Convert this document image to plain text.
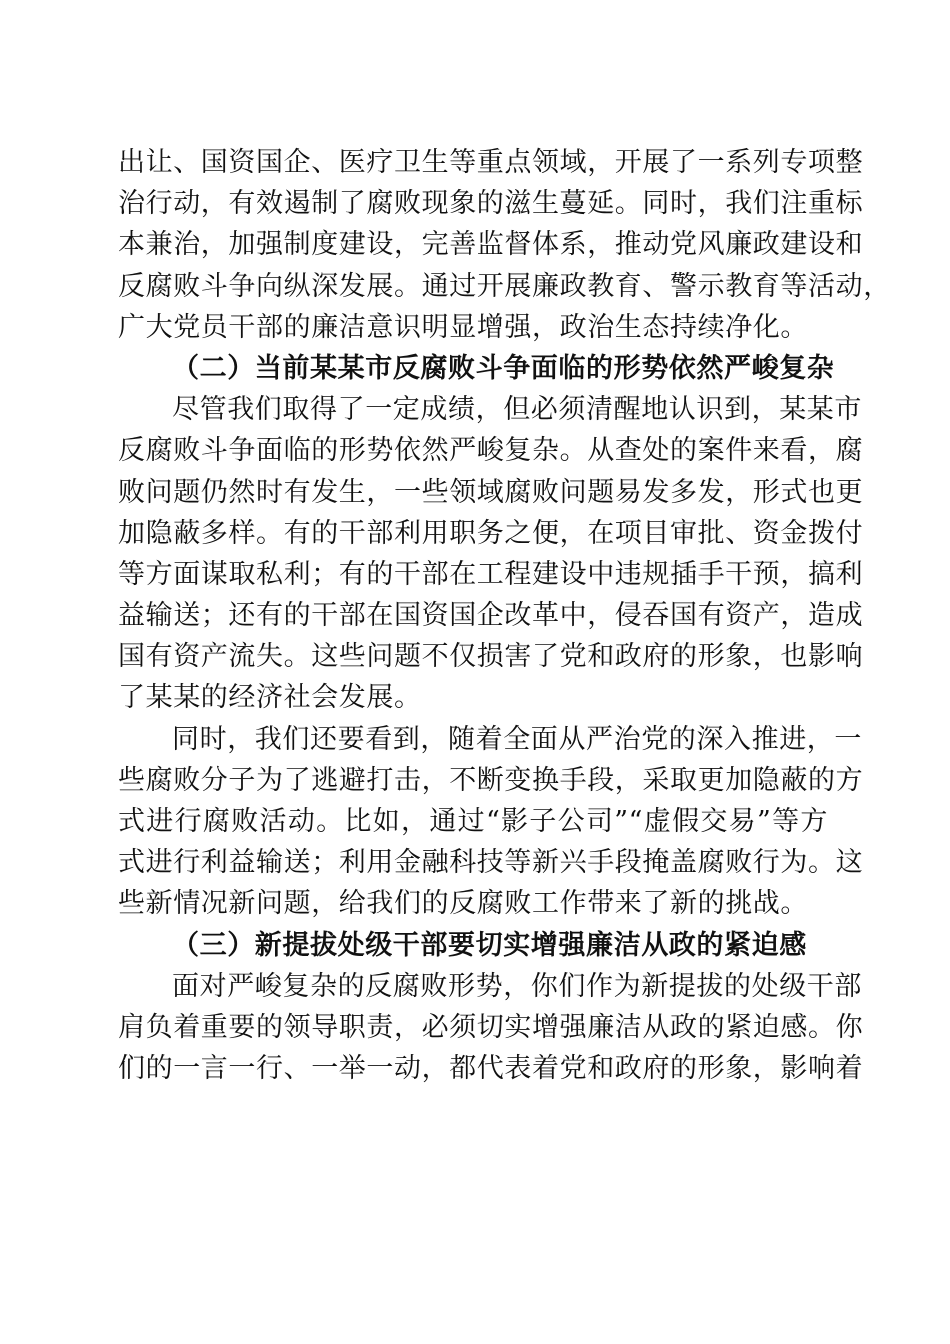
出让、国资国企、医疗卫生等重点领域，开展了一系列专项整
治行动，有效遏制了腐败现象的滋生蔓延。同时，我们注重标
本兼治，加强制度建设，完善监督体系，推动党风廉政建设和
反腐败斗争向纵深发展。通过开展廉政教育、警示教育等活动，
广大党员干部的廉洁意识明显增强，政治生态持续净化。
（二）当前某某市反腐败斗争面临的形势依然严峻复杂
尽管我们取得了一定成绩，但必须清醒地认识到，某某市
反腐败斗争面临的形势依然严峻复杂。从查处的案件来看，腐
败问题仍然时有发生，一些领域腐败问题易发多发，形式也更
加隐蔽多样。有的干部利用职务之便，在项目审批、资金拨付
等方面谋取私利；有的干部在工程建设中违规插手干预，搞利
益输送；还有的干部在国资国企改革中，侵吞国有资产，造成
国有资产流失。这些问题不仅损害了党和政府的形象，也影响
了某某的经济社会发展。
同时，我们还要看到，随着全面从严治党的深入推进，一
些腐败分子为了逃避打击，不断变换手段，采取更加隐蔽的方
式进行腐败活动。比如，通过“影子公司”“虚假交易”等方
式进行利益输送；利用金融科技等新兴手段掩盖腐败行为。这
些新情况新问题，给我们的反腐败工作带来了新的挑战。
（三）新提拔处级干部要切实增强廉洁从政的紧迫感
面对严峻复杂的反腐败形势，你们作为新提拔的处级干部
肩负着重要的领导职责，必须切实增强廉洁从政的紧迫感。你
们的一言一行、一举一动，都代表着党和政府的形象，影响着
